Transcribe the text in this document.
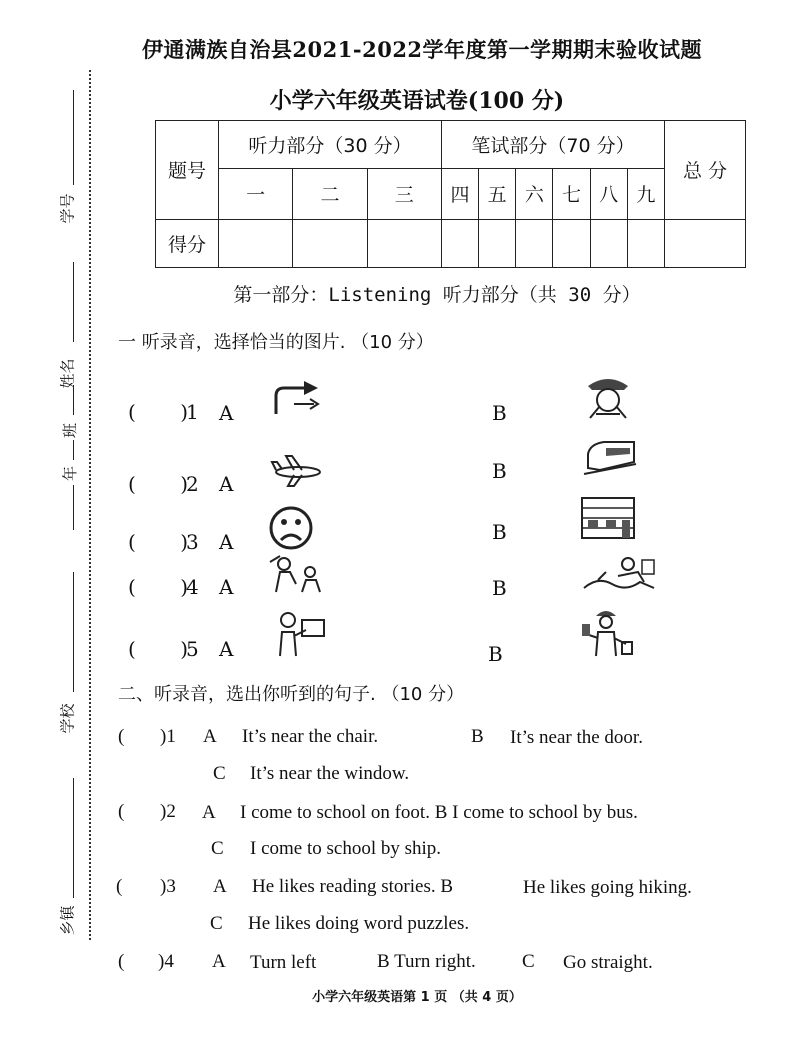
伊通满族自治县2021-2022学年度第一学期期末验收试题
小学六年级英语试卷(100 分)
学号
姓名
班
年
学校
乡镇
题号	听力部分（30 分）			笔试部分（70 分）						总 分
	一	二	三	四	五	六	七	八	九	
得分										
第一部分：Listening 听力部分（共 30 分）
一 听录音，选择恰当的图片. （10 分）
(       )
1 A	B
(       )
2 A
B
(       )
3 A	B
(       )
4 A	B
(       )
5 A	B
二、听录音，选出你听到的句子. （10 分）
( )1 A It’s near the chair.	B It’s near the door.
C It’s near the window.
( )2 A I come to school on foot. B I come to school by bus.
C I come to school by ship.
( )3 A He likes reading stories. B	He likes going hiking.
C He likes doing word puzzles.
( )4 A Turn left	B Turn right. C Go straight.
小学六年级英语第 1 页 （共 4 页）
